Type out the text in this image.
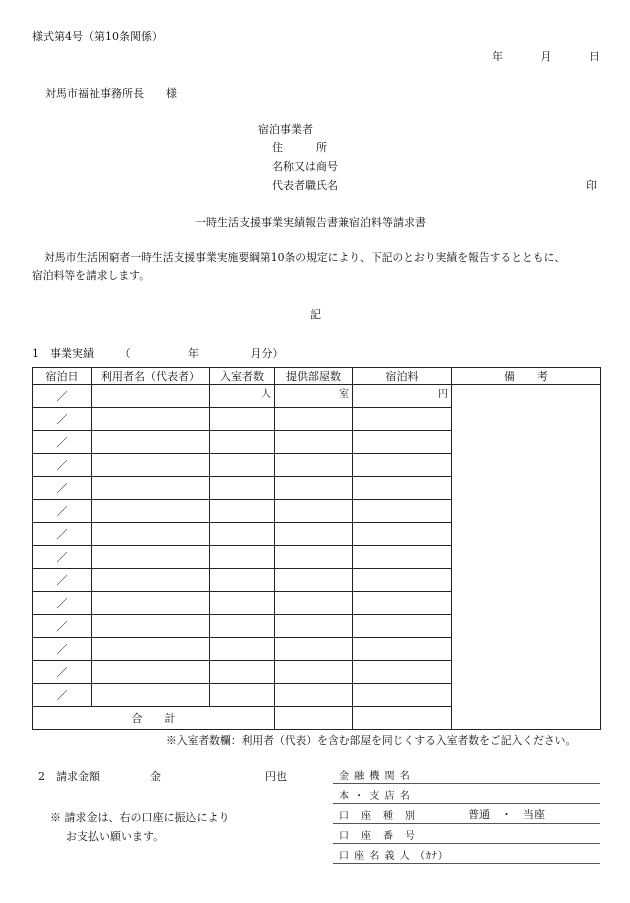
様式第4号（第10条関係）
年	月	日
対馬市福祉事務所長　　様
宿泊事業者
住　　　所
名称又は商号
代表者職氏名	印
一時生活支援事業実績報告書兼宿泊料等請求書
対馬市生活困窮者一時生活支援事業実施要綱第10条の規定により、下記のとおり実績を報告するとともに、
宿泊料等を請求します。
記
1　事業実績 （	年	月分）
宿泊日	利用者名（代表者）	入室者数	提供部屋数	宿泊料	備　　考
／		人	室	円	
／					
／					
／					
／					
／					
／					
／					
／					
／					
／					
／					
／					
／					
合　　計					
※入室者数欄：利用者（代表）を含む部屋を同じくする入室者数をご記入ください。
2　請求金額	金	円也
※ 請求金は、右の口座に振込により
お支払い願います。
金 融 機 関 名
本 ・ 支 店 名
口　座　種　別	普通　・　当座
口　座　番　号
口 座 名 義 人 （ｶﾅ）
